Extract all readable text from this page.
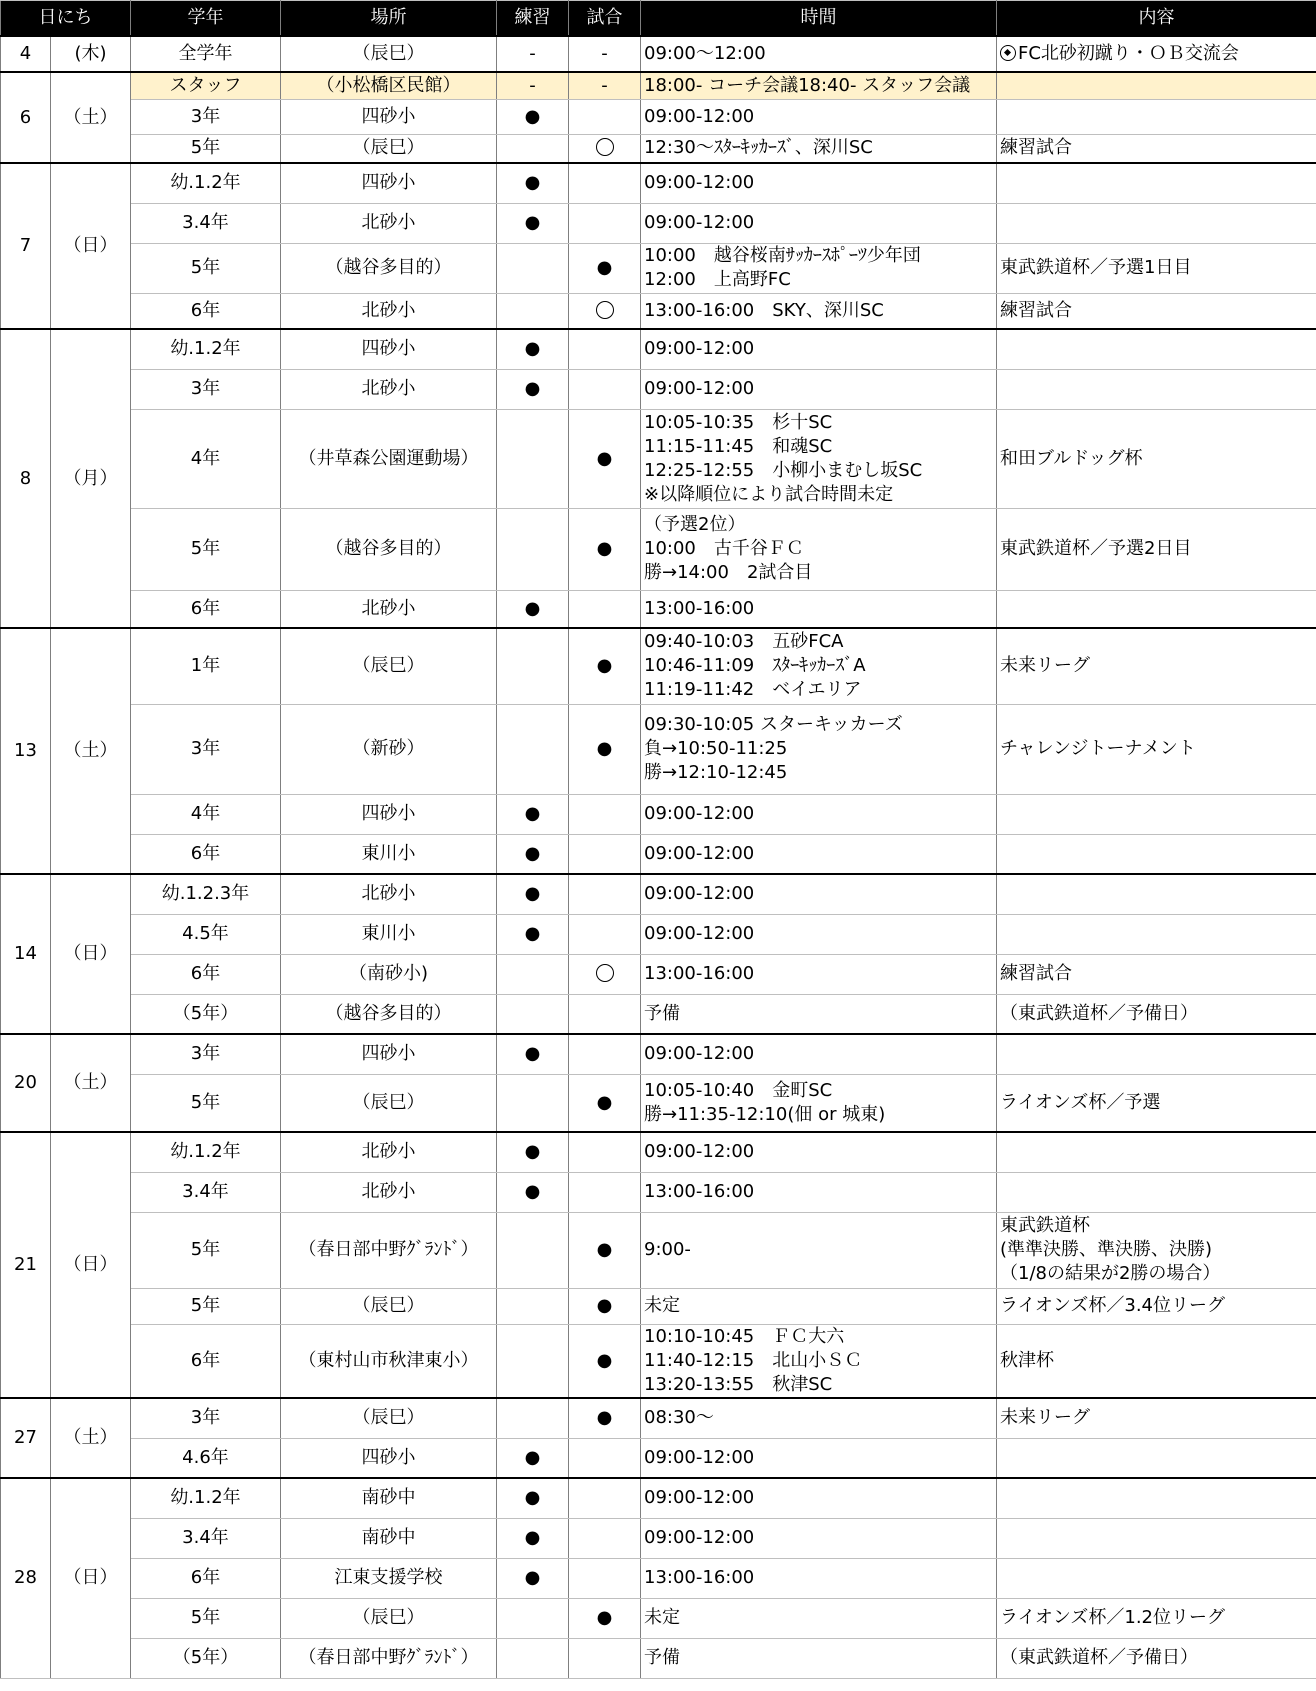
日にち		学年	場所	練習	試合	時間	内容
4	(木)	全学年	（辰巳）	-	-	09:00～12:00	FC北砂初蹴り・ＯＢ交流会

6	（土）	スタッフ	（小松橋区民館）	-	-	18:00- コーチ会議18:40- スタッフ会議	

		3年	四砂小	●		09:00-12:00	

		5年	（辰巳）			12:30～ｽﾀｰｷｯｶｰｽﾞ、深川SC	練習試合

7	（日）	幼.1.2年	四砂小	●		09:00-12:00	

		3.4年	北砂小	●		09:00-12:00	

		5年	（越谷多目的）		●	10:00　越谷桜南ｻｯｶｰｽﾎﾟｰﾂ少年団
12:00　上高野FC	東武鉄道杯／予選1日目

		6年	北砂小			13:00‐16:00　SKY、深川SC	練習試合

8	（月）	幼.1.2年	四砂小	●		09:00-12:00	

		3年	北砂小	●		09:00-12:00	

		4年	（井草森公園運動場）		●	10:05-10:35　杉十SC
11:15-11:45　和魂SC
12:25-12:55　小柳小まむし坂SC
※以降順位により試合時間未定	和田ブルドッグ杯

		5年	（越谷多目的）		●	（予選2位）
10:00　古千谷ＦＣ
勝→14:00　2試合目	東武鉄道杯／予選2日目

		6年	北砂小	●		13:00‐16:00	

13	（土）	1年	（辰巳）		●	09:40-10:03　五砂FCA
10:46-11:09　ｽﾀｰｷｯｶｰｽﾞA
11:19-11:42　ベイエリア	未来リーグ

		3年	（新砂）		●	09:30-10:05 スターキッカーズ
負→10:50-11:25
勝→12:10-12:45	チャレンジトーナメント

		4年	四砂小	●		09:00-12:00	

		6年	東川小	●		09:00-12:00	

14	（日）	幼.1.2.3年	北砂小	●		09:00-12:00	

		4.5年	東川小	●		09:00-12:00	

		6年	（南砂小)			13:00-16:00	練習試合

		（5年）	（越谷多目的）			予備	（東武鉄道杯／予備日）

20	（土）	3年	四砂小	●		09:00-12:00	

		5年	（辰巳）		●	10:05-10:40　金町SC
勝→11:35-12:10(佃 or 城東)	ライオンズ杯／予選

21	（日）	幼.1.2年	北砂小	●		09:00-12:00	

		3.4年	北砂小	●		13:00-16:00	

		5年	（春日部中野ｸﾞﾗﾝﾄﾞ）		●	9:00-	東武鉄道杯
(準準決勝、準決勝、決勝)
（1/8の結果が2勝の場合）

		5年	（辰巳）		●	未定	ライオンズ杯／3.4位リーグ

		6年	（東村山市秋津東小）		●	10:10-10:45　ＦＣ大六
11:40-12:15　北山小ＳＣ
13:20-13:55　秋津SC	秋津杯

27	（土）	3年	（辰巳）		●	08:30～	未来リーグ

		4.6年	四砂小	●		09:00-12:00	

28	（日）	幼.1.2年	南砂中	●		09:00-12:00	

		3.4年	南砂中	●		09:00-12:00	

		6年	江東支援学校	●		13:00-16:00	

		5年	（辰巳）		●	未定	ライオンズ杯／1.2位リーグ

		（5年）	（春日部中野ｸﾞﾗﾝﾄﾞ）			予備	（東武鉄道杯／予備日）
